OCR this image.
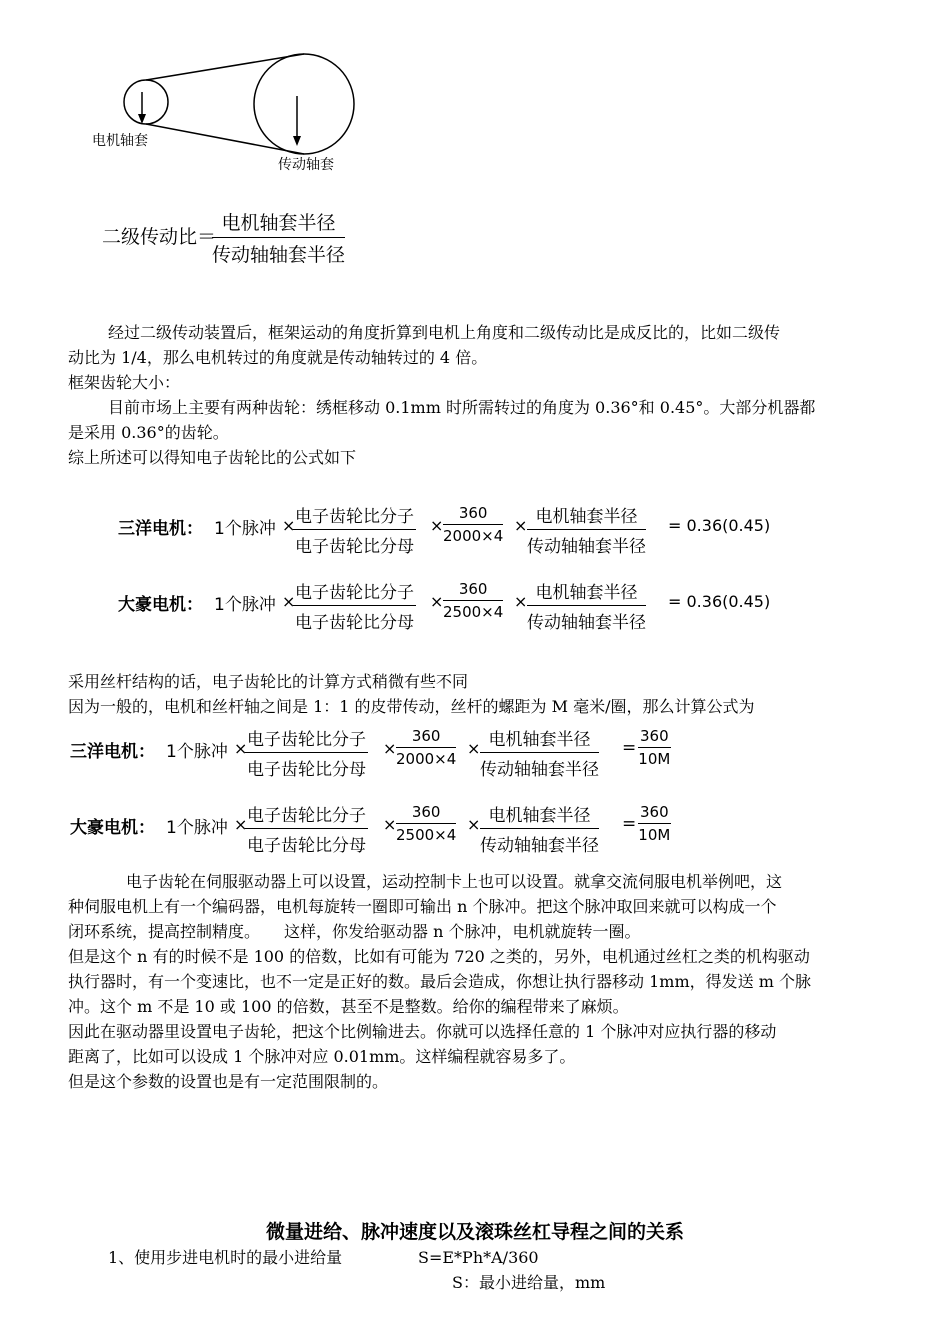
电机轴套
传动轴套
二级传动比＝
电机轴套半径
传动轴轴套半径
经过二级传动装置后，框架运动的角度折算到电机上角度和二级传动比是成反比的，比如二级传
动比为 1/4，那么电机转过的角度就是传动轴转过的 4 倍。
框架齿轮大小：
目前市场上主要有两种齿轮：绣框移动 0.1mm 时所需转过的角度为 0.36°和 0.45°。大部分机器都
是采用 0.36°的齿轮。
综上所述可以得知电子齿轮比的公式如下
三洋电机： 1个脉冲 × 电子齿轮比分子
电子齿轮比分母
× $\frac{360}{2000\times 4}$ × 电机轴套半径
传动轴轴套半径
= 0.36(0.45)
大豪电机： 1个脉冲 × 电子齿轮比分子
电子齿轮比分母
× $\frac{360}{2500\times 4}$ × 电机轴套半径
传动轴轴套半径
= 0.36(0.45)
采用丝杆结构的话，电子齿轮比的计算方式稍微有些不同
因为一般的，电机和丝杆轴之间是 1：1 的皮带传动，丝杆的螺距为 M 毫米/圈，那么计算公式为
三洋电机： 1个脉冲 × 电子齿轮比分子
电子齿轮比分母
× $\frac{360}{2000\times 4}$ × 电机轴套半径
传动轴轴套半径
= $\frac{360}{10M}$
大豪电机： 1个脉冲 × 电子齿轮比分子
电子齿轮比分母
× $\frac{360}{2500\times 4}$ × 电机轴套半径
传动轴轴套半径
= $\frac{360}{10M}$
电子齿轮在伺服驱动器上可以设置，运动控制卡上也可以设置。就拿交流伺服电机举例吧，这
种伺服电机上有一个编码器，电机每旋转一圈即可输出 n 个脉冲。把这个脉冲取回来就可以构成一个
闭环系统，提高控制精度。　　这样，你发给驱动器 n 个脉冲，电机就旋转一圈。
但是这个 n 有的时候不是 100 的倍数，比如有可能为 720 之类的，另外，电机通过丝杠之类的机构驱动
执行器时，有一个变速比，也不一定是正好的数。最后会造成，你想让执行器移动 1mm，得发送 m 个脉
冲。这个 m 不是 10 或 100 的倍数，甚至不是整数。给你的编程带来了麻烦。
因此在驱动器里设置电子齿轮，把这个比例输进去。你就可以选择任意的 1 个脉冲对应执行器的移动
距离了，比如可以设成 1 个脉冲对应 0.01mm。这样编程就容易多了。
但是这个参数的设置也是有一定范围限制的。
微量进给、脉冲速度以及滚珠丝杠导程之间的关系
1、使用步进电机时的最小进给量	S=E*Ph*A/360
S：最小进给量，mm
